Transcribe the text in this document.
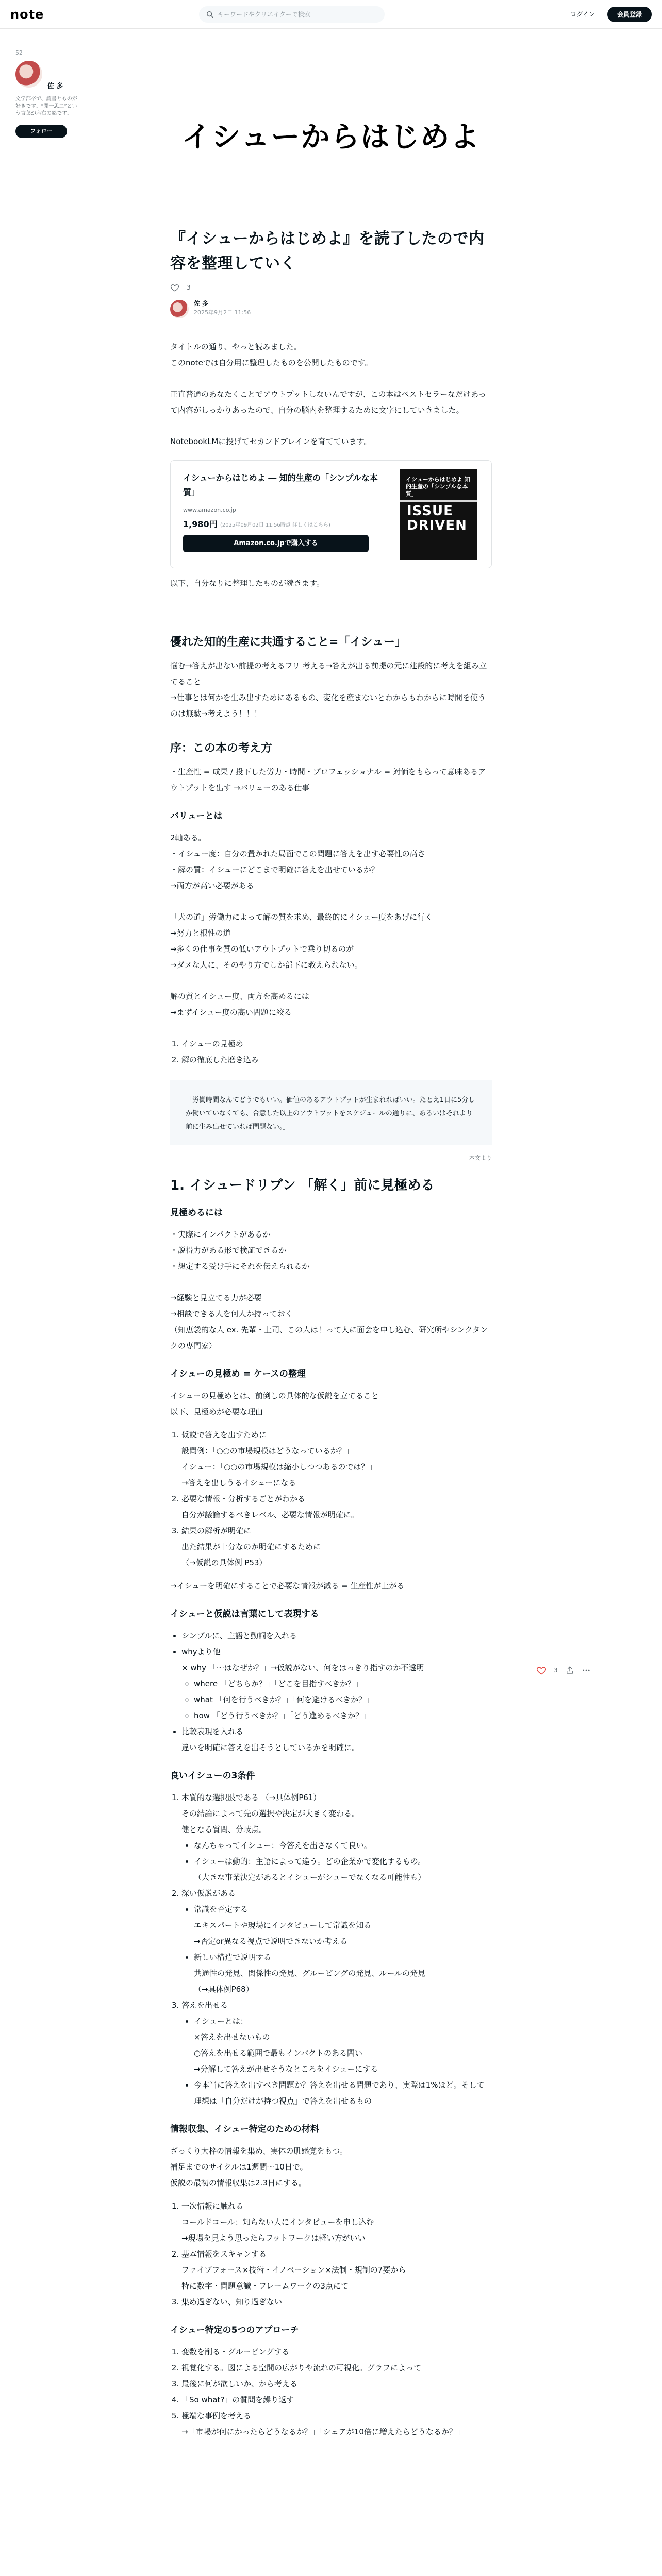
note	キーワードやクリエイターで検索	ログイン	会員登録
52
佐 多
文学部卒で、読書とものが好きです。“聞一思二”という言葉が座右の銘です。
フォロー	イシューからはじめよ
『イシューからはじめよ』を読了したので内容を整理していく
3
佐 多
2025年9月2日 11:56

タイトルの通り、やっと読みました。

このnoteでは自分用に整理したものを公開したものです。

正直普通のあなたくことでアウトプットしないんですが、この本はベストセラーなだけあって内容がしっかりあったので、自分の脳内を整理するために文字にしていきました。

NotebookLMに投げてセカンドブレインを育てています。

イシューからはじめよ ― 知的生産の「シンプルな本質」
www.amazon.co.jp
1,980円 (2025年09月02日 11:56時点 詳しくはこちら)
Amazon.co.jpで購入する
イシューからはじめよ 知的生産の「シンプルな本質」
ISSUE DRIVEN

以下、自分なりに整理したものが続きます。

優れた知的生産に共通すること=「イシュー」

悩む→答えが出ない前提の考えるフリ 考える→答えが出る前提の元に建設的に考えを組み立てること

→仕事とは何かを生み出すためにあるもの、変化を産まないとわからもわからに時間を使うのは無駄→考えよう！！！

序：この本の考え方

・生産性 = 成果 / 投下した労力・時間・プロフェッショナル = 対価をもらって意味あるアウトプットを出す →バリューのある仕事

バリューとは

2軸ある。

・イシュー度：自分の置かれた局面でこの問題に答えを出す必要性の高さ

・解の質：イシューにどこまで明確に答えを出せているか？

→両方が高い必要がある

「犬の道」労働力によって解の質を求め、最終的にイシュー度をあげに行く

→努力と根性の道

→多くの仕事を質の低いアウトプットで乗り切るのが

→ダメな人に、そのやり方でしか部下に教えられない。

解の質とイシュー度、両方を高めるには

→まずイシュー度の高い問題に絞る

1. イシューの見極め
2. 解の徹底した磨き込み

「労働時間なんてどうでもいい。価値のあるアウトプットが生まれればいい。たとえ1日に5分しか働いていなくても、合意した以上のアウトプットをスケジュールの通りに、あるいはそれより前に生み出せていれば問題ない。」

本文より
1. イシュードリブン 「解く」前に見極める
見極めるには

・実際にインパクトがあるか

・説得力がある形で検証できるか

・想定する受け手にそれを伝えられるか

→経験と見立てる力が必要

→相談できる人を何人か持っておく

（知恵袋的な人 ex. 先輩・上司、この人は！って人に面会を申し込む、研究所やシンクタンクの専門家）

イシューの見極め = ケースの整理

イシューの見極めとは、前倒しの具体的な仮説を立てること

以下、見極めが必要な理由

1. 仮説で答えを出すために
設問例：「○○の市場規模はどうなっているか？」
イシュー：「○○の市場規模は縮小しつつあるのでは？」
→答えを出しうるイシューになる
2. 必要な情報・分析するごとがわかる
自分が議論するべきレベル、必要な情報が明確に。
3. 結果の解析が明確に
出た結果が十分なのか明確にするために
（→仮説の具体例 P53）

→イシューを明確にすることで必要な情報が減る = 生産性が上がる

イシューと仮説は言葉にして表現する
• シンプルに、主語と動詞を入れる
• whyより他
× why 「〜はなぜか？」→仮説がない、何をはっきり指すのか不透明
◦ where 「どちらか？」「どこを目指すべきか？」
◦ what 「何を行うべきか？」「何を避けるべきか？」
◦ how 「どう行うべきか？」「どう進めるべきか？」
• 比較表現を入れる
違いを明確に答えを出そうとしているかを明確に。
良いイシューの3条件
1. 本質的な選択肢である （→具体例P61）
その結論によって先の選択や決定が大きく変わる。
健となる質問、分岐点。
• なんちゃってイシュー：今答えを出さなくて良い。
• イシューは動的：主語によって違う。どの企業かで変化するもの。
（大きな事業決定があるとイシューがシューでなくなる可能性も）
2. 深い仮説がある
• 常識を否定する
エキスパートや現場にインタビューして常識を知る
→否定or異なる視点で説明できないか考える
• 新しい構造で説明する
共通性の発見、関係性の発見、グルーピングの発見、ルールの発見
（→具体例P68）
3. 答えを出せる
• イシューとは：
×答えを出せないもの
○答えを出せる範囲で最もインパクトのある問い
→分解して答えが出せそうなところをイシューにする
• 今本当に答えを出すべき問題か？答えを出せる問題であり、実際は1%ほど。そして理想は「自分だけが持つ視点」で答えを出せるもの
情報収集、イシュー特定のための材料

ざっくり大枠の情報を集め、実体の肌感覚をもつ。

補足までのサイクルは1週間〜10日で。

仮説の最初の情報収集は2.3日にする。

1. 一次情報に触れる
コールドコール：知らない人にインタビューを申し込む
→現場を見よう思ったらフットワークは軽い方がいい
2. 基本情報をスキャンする
ファイブフォース×技術・イノベーション×法制・規制の7要から
特に数字・問題意識・フレームワークの3点にて
3. 集め過ぎない、知り過ぎない
イシュー特定の5つのアプローチ
1. 変数を削る・グルーピングする
2. 視覚化する。図による空間の広がりや流れの可視化。グラフによって
3. 最後に何が欲しいか、から考える
4. 「So what?」の質問を繰り返す
5. 極端な事例を考える
→「市場が何にかったらどうなるか？」「シェアが10倍に増えたらどうなるか？」
3
